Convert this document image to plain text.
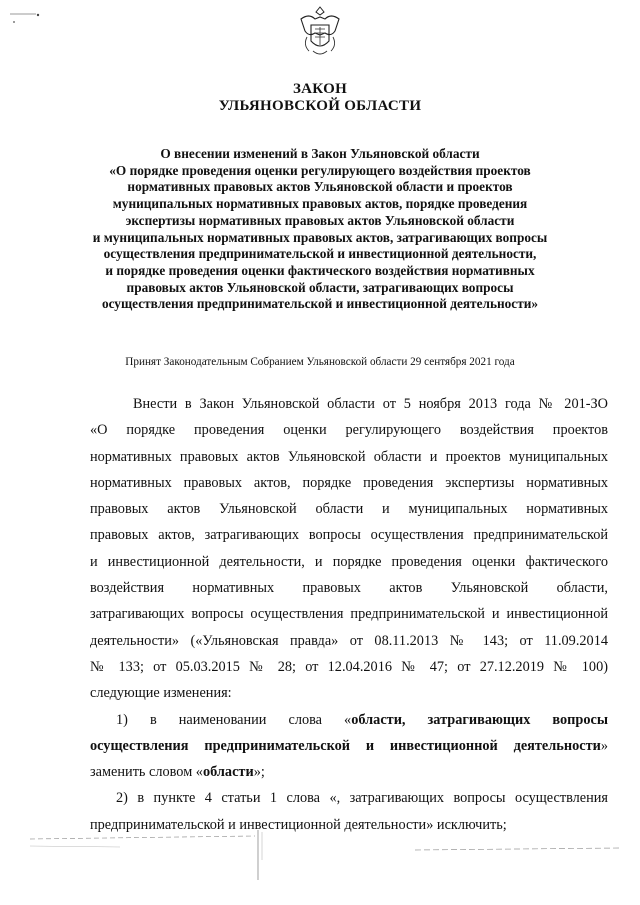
ЗАКОН
УЛЬЯНОВСКОЙ ОБЛАСТИ
О внесении изменений в Закон Ульяновской области
«О порядке проведения оценки регулирующего воздействия проектов
нормативных правовых актов Ульяновской области и проектов
муниципальных нормативных правовых актов, порядке проведения
экспертизы нормативных правовых актов Ульяновской области
и муниципальных нормативных правовых актов, затрагивающих вопросы
осуществления предпринимательской и инвестиционной деятельности,
и порядке проведения оценки фактического воздействия нормативных
правовых актов Ульяновской области, затрагивающих вопросы
осуществления предпринимательской и инвестиционной деятельности»
Принят Законодательным Собранием Ульяновской области 29 сентября 2021 года
Внести в Закон Ульяновской области от 5 ноября 2013 года № 201-ЗО
«О порядке проведения оценки регулирующего воздействия проектов
нормативных правовых актов Ульяновской области и проектов муниципальных
нормативных правовых актов, порядке проведения экспертизы нормативных
правовых актов Ульяновской области и муниципальных нормативных
правовых актов, затрагивающих вопросы осуществления предпринимательской
и инвестиционной деятельности, и порядке проведения оценки фактического
воздействия нормативных правовых актов Ульяновской области,
затрагивающих вопросы осуществления предпринимательской и инвестиционной
деятельности» («Ульяновская правда» от 08.11.2013 № 143; от 11.09.2014
№ 133; от 05.03.2015 № 28; от 12.04.2016 № 47; от 27.12.2019 № 100)
следующие изменения:
1) в наименовании слова «области, затрагивающих вопросы
осуществления предпринимательской и инвестиционной деятельности»
заменить словом «области»;
2) в пункте 4 статьи 1 слова «, затрагивающих вопросы осуществления
предпринимательской и инвестиционной деятельности» исключить;
